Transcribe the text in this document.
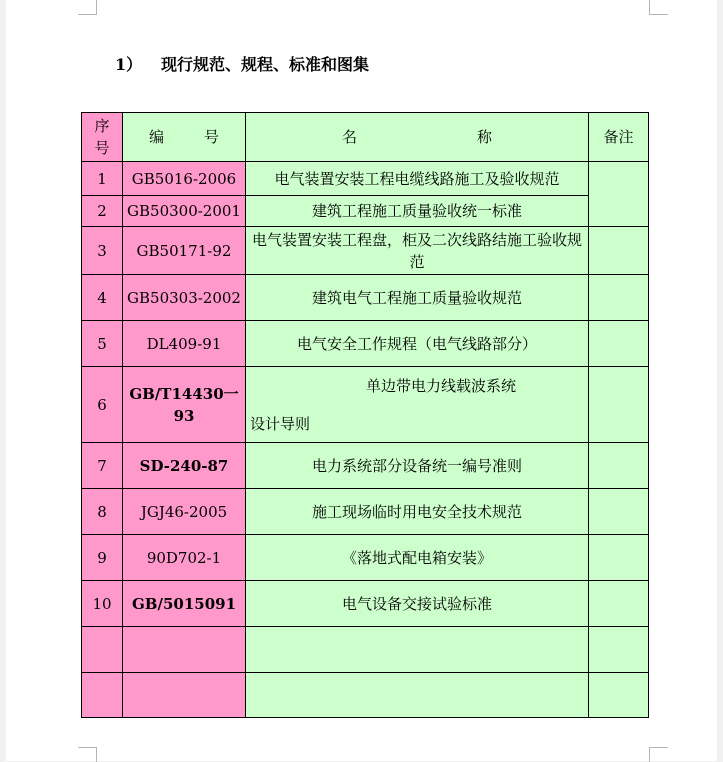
1） 现行规范、规程、标准和图集
序号	编 号	名 称	备注
1	GB5016-2006	电气装置安装工程电缆线路施工及验收规范	
2	GB50300-2001	建筑工程施工质量验收统一标准	
3	GB50171-92	电气装置安装工程盘，柜及二次线路结施工验收规范	
4	GB50303-2002	建筑电气工程施工质量验收规范	
5	DL409-91	电气安全工作规程（电气线路部分）	
6	GB/T14430一93	单边带电力线载波系统
设计导则	

7	SD-240-87	电力系统部分设备统一编号准则	
8	JGJ46-2005	施工现场临时用电安全技术规范	
9	90D702-1	《落地式配电箱安装》	
10	GB/5015091	电气设备交接试验标准	
